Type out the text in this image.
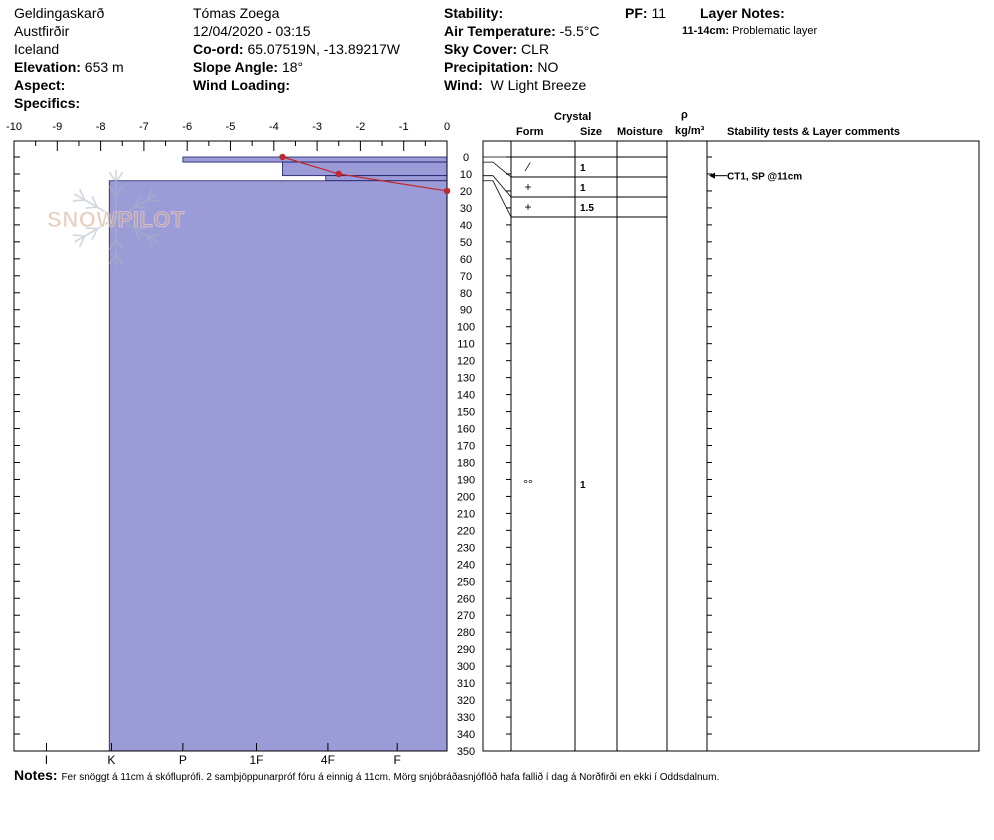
Geldingaskarð
Austfirðir
Iceland
Elevation: 653 m
Aspect:
Specifics:
Tómas Zoega
12/04/2020 - 03:15
Co-ord: 65.07519N, -13.89217W
Slope Angle: 18°
Wind Loading:
Stability:
Air Temperature: -5.5°C
Sky Cover: CLR
Precipitation: NO
Wind: W Light Breeze
PF: 11 Layer Notes:
11-14cm: Problematic layer
Crystal
Form	Size Moisture
ρ
kg/m³ Stability tests & Layer comments
SNOWPILOT
-10	-9	-8	-7	-6	-5	-4	-3	-2	-1	0
0
10
20
30
40
50
60
70
80
90
100
110
120
130
140
150
160
170
180
190
200
210
220
230
240
250
260
270
280
290
300
310
320
330
340
350
I	K	P	1F	4F	F
⁄	1
+	1
+	1.5
°°	1
CT1, SP @11cm
Notes: Fer snöggt á 11cm á skófluprófi. 2 samþjöppunarpróf fóru á einnig á 11cm. Mörg snjóbráðasnjóflóð hafa fallið í dag á Norðfirði en ekki í Oddsdalnum.
